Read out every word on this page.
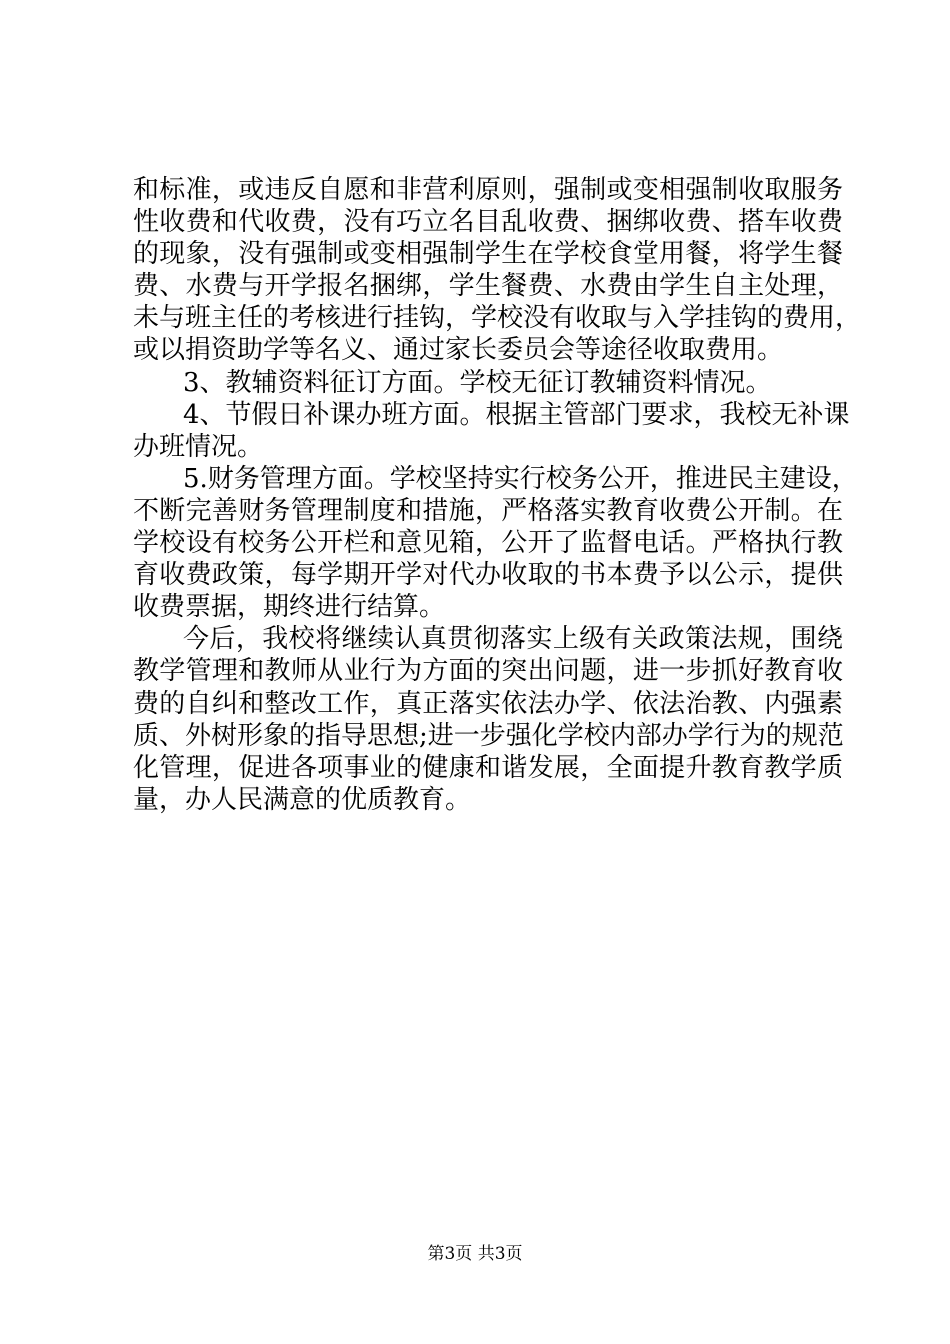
和标准，或违反自愿和非营利原则，强制或变相强制收取服务
性收费和代收费，没有巧立名目乱收费、捆绑收费、搭车收费
的现象，没有强制或变相强制学生在学校食堂用餐，将学生餐
费、水费与开学报名捆绑，学生餐费、水费由学生自主处理，
未与班主任的考核进行挂钩，学校没有收取与入学挂钩的费用，
或以捐资助学等名义、通过家长委员会等途径收取费用。
3、教辅资料征订方面。学校无征订教辅资料情况。
4、节假日补课办班方面。根据主管部门要求，我校无补课
办班情况。
5.财务管理方面。学校坚持实行校务公开，推进民主建设，
不断完善财务管理制度和措施，严格落实教育收费公开制。在
学校设有校务公开栏和意见箱，公开了监督电话。严格执行教
育收费政策，每学期开学对代办收取的书本费予以公示，提供
收费票据，期终进行结算。
今后，我校将继续认真贯彻落实上级有关政策法规，围绕
教学管理和教师从业行为方面的突出问题，进一步抓好教育收
费的自纠和整改工作，真正落实依法办学、依法治教、内强素
质、外树形象的指导思想;进一步强化学校内部办学行为的规范
化管理，促进各项事业的健康和谐发展，全面提升教育教学质
量，办人民满意的优质教育。
第3页 共3页
